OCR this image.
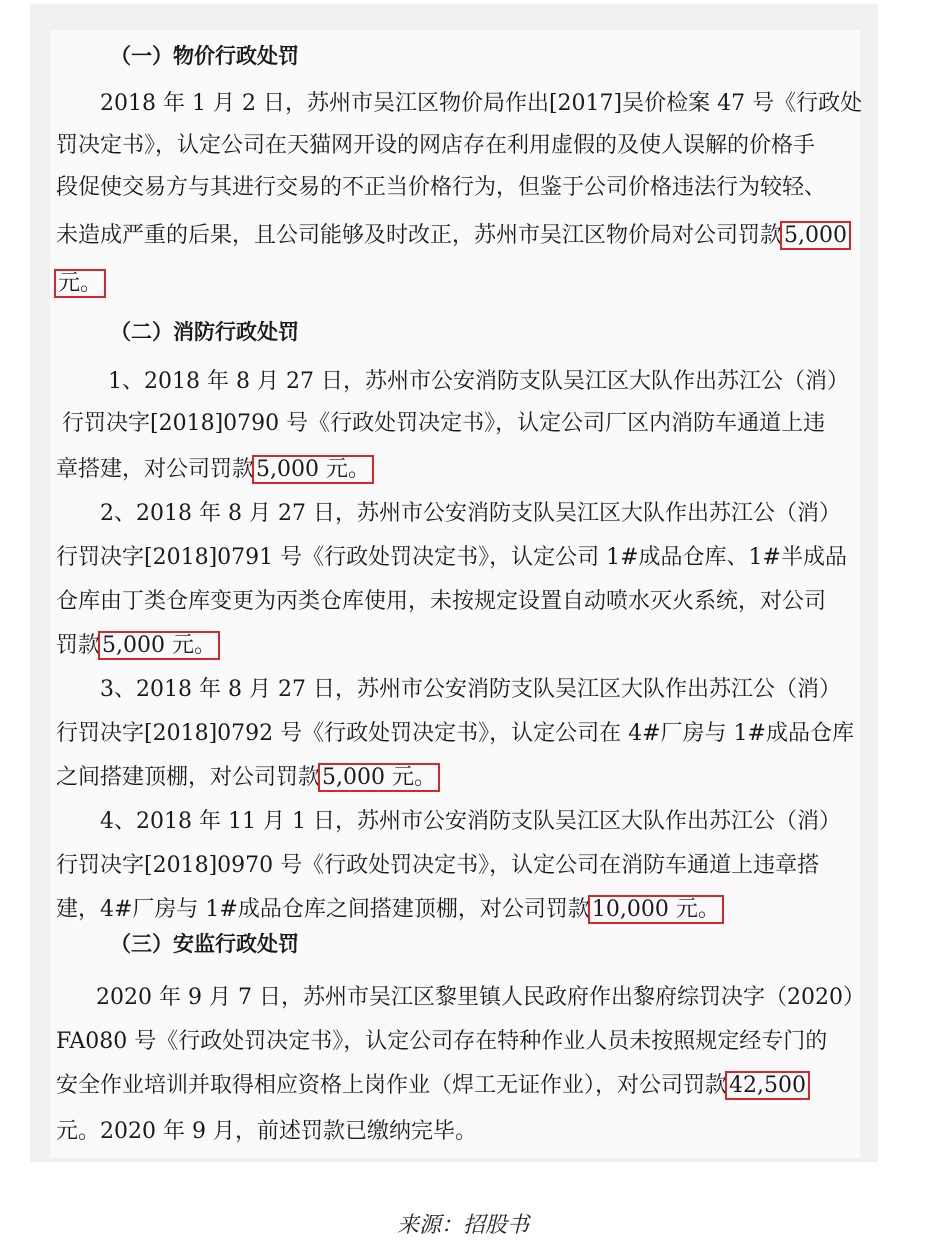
（一）物价行政处罚
2018 年 1 月 2 日，苏州市吴江区物价局作出[2017]吴价检案 47 号《行政处
罚决定书》，认定公司在天猫网开设的网店存在利用虚假的及使人误解的价格手
段促使交易方与其进行交易的不正当价格行为，但鉴于公司价格违法行为较轻、
未造成严重的后果，且公司能够及时改正，苏州市吴江区物价局对公司罚款5,000
元。
（二）消防行政处罚
1、2018 年 8 月 27 日，苏州市公安消防支队吴江区大队作出苏江公（消）
行罚决字[2018]0790 号《行政处罚决定书》，认定公司厂区内消防车通道上违
章搭建，对公司罚款5,000 元。
2、2018 年 8 月 27 日，苏州市公安消防支队吴江区大队作出苏江公（消）
行罚决字[2018]0791 号《行政处罚决定书》，认定公司 1#成品仓库、1#半成品
仓库由丁类仓库变更为丙类仓库使用，未按规定设置自动喷水灭火系统，对公司
罚款5,000 元。
3、2018 年 8 月 27 日，苏州市公安消防支队吴江区大队作出苏江公（消）
行罚决字[2018]0792 号《行政处罚决定书》，认定公司在 4#厂房与 1#成品仓库
之间搭建顶棚，对公司罚款5,000 元。
4、2018 年 11 月 1 日，苏州市公安消防支队吴江区大队作出苏江公（消）
行罚决字[2018]0970 号《行政处罚决定书》，认定公司在消防车通道上违章搭
建，4#厂房与 1#成品仓库之间搭建顶棚，对公司罚款10,000 元。
（三）安监行政处罚
2020 年 9 月 7 日，苏州市吴江区黎里镇人民政府作出黎府综罚决字（2020）
FA080 号《行政处罚决定书》，认定公司存在特种作业人员未按照规定经专门的
安全作业培训并取得相应资格上岗作业（焊工无证作业），对公司罚款42,500
元。2020 年 9 月，前述罚款已缴纳完毕。
来源：招股书
